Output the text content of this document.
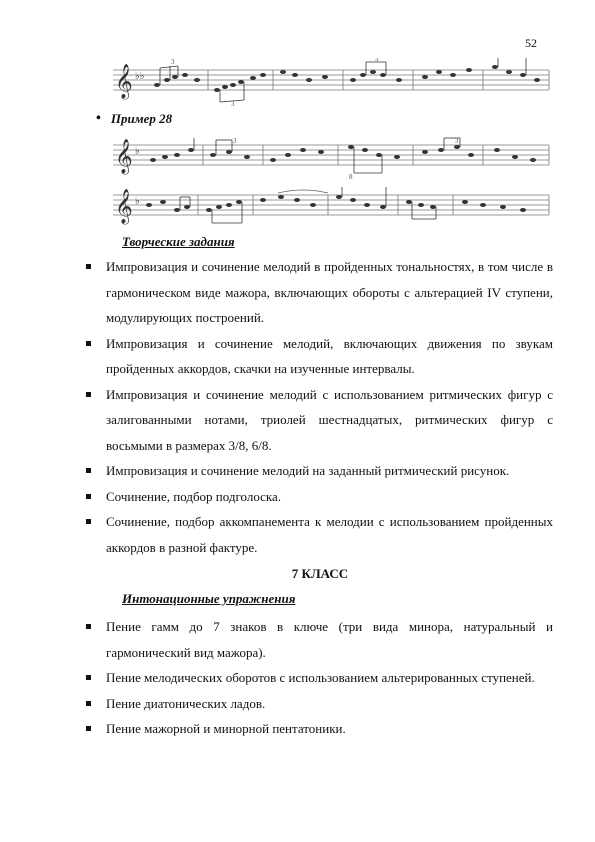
52
𝄞 ♭♭
3
3
3
• Пример 28
𝄞 ♭
3
8
3
𝄞 ♭
Творческие задания
Импровизация и сочинение мелодий в пройденных тональностях, в том числе в гармоническом виде мажора, включающих обороты с альтерацией IV ступени, модулирующих построений.
Импровизация и сочинение мелодий, включающих движения по звукам пройденных аккордов, скачки на изученные интервалы.
Импровизация и сочинение мелодий с использованием ритмических фигур с залигованными нотами, триолей шестнадцатых, ритмических фигур с восьмыми в размерах 3/8, 6/8.
Импровизация и сочинение мелодий на заданный ритмический рисунок.
Сочинение, подбор подголоска.
Сочинение, подбор аккомпанемента к мелодии с использованием пройденных аккордов в разной фактуре.
7 КЛАСС
Интонационные упражнения
Пение гамм до 7 знаков в ключе (три вида минора, натуральный и гармонический вид мажора).
Пение мелодических оборотов с использованием альтерированных ступеней.
Пение диатонических ладов.
Пение мажорной и минорной пентатоники.
